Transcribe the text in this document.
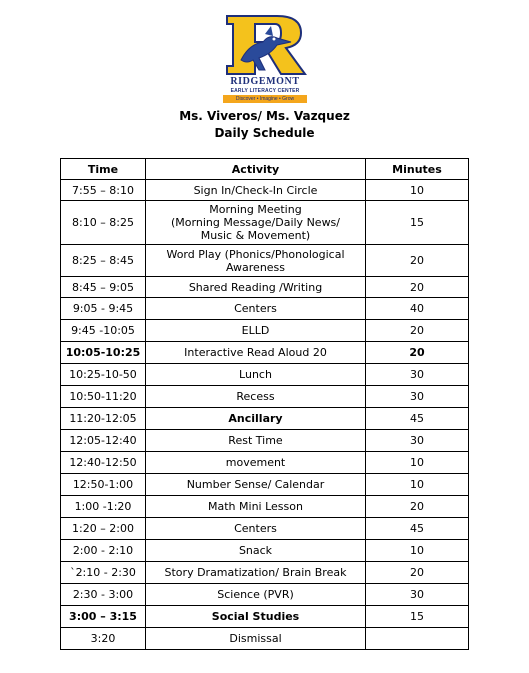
RIDGEMONT
EARLY LITERACY CENTER
Discover • Imagine • Grow
Ms. Viveros/ Ms. Vazquez
Daily Schedule
Time	Activity	Minutes
7:55 – 8:10	Sign In/Check-In Circle	10
8:10 – 8:25	Morning Meeting
(Morning Message/Daily News/
Music & Movement)	15
8:25 – 8:45	Word Play (Phonics/Phonological Awareness	20
8:45 – 9:05	Shared Reading /Writing	20
9:05 - 9:45	Centers	40
9:45 -10:05	ELLD	20
10:05-10:25	Interactive Read Aloud 20	20
10:25-10-50	Lunch	30
10:50-11:20	Recess	30
11:20-12:05	Ancillary	45
12:05-12:40	Rest Time	30
12:40-12:50	movement	10
12:50-1:00	Number Sense/ Calendar	10
1:00 -1:20	Math Mini Lesson	20
1:20 – 2:00	Centers	45
2:00 - 2:10	Snack	10
`2:10 - 2:30	Story Dramatization/ Brain Break	20
2:30 - 3:00	Science (PVR)	30
3:00 – 3:15	Social Studies	15
3:20	Dismissal	
